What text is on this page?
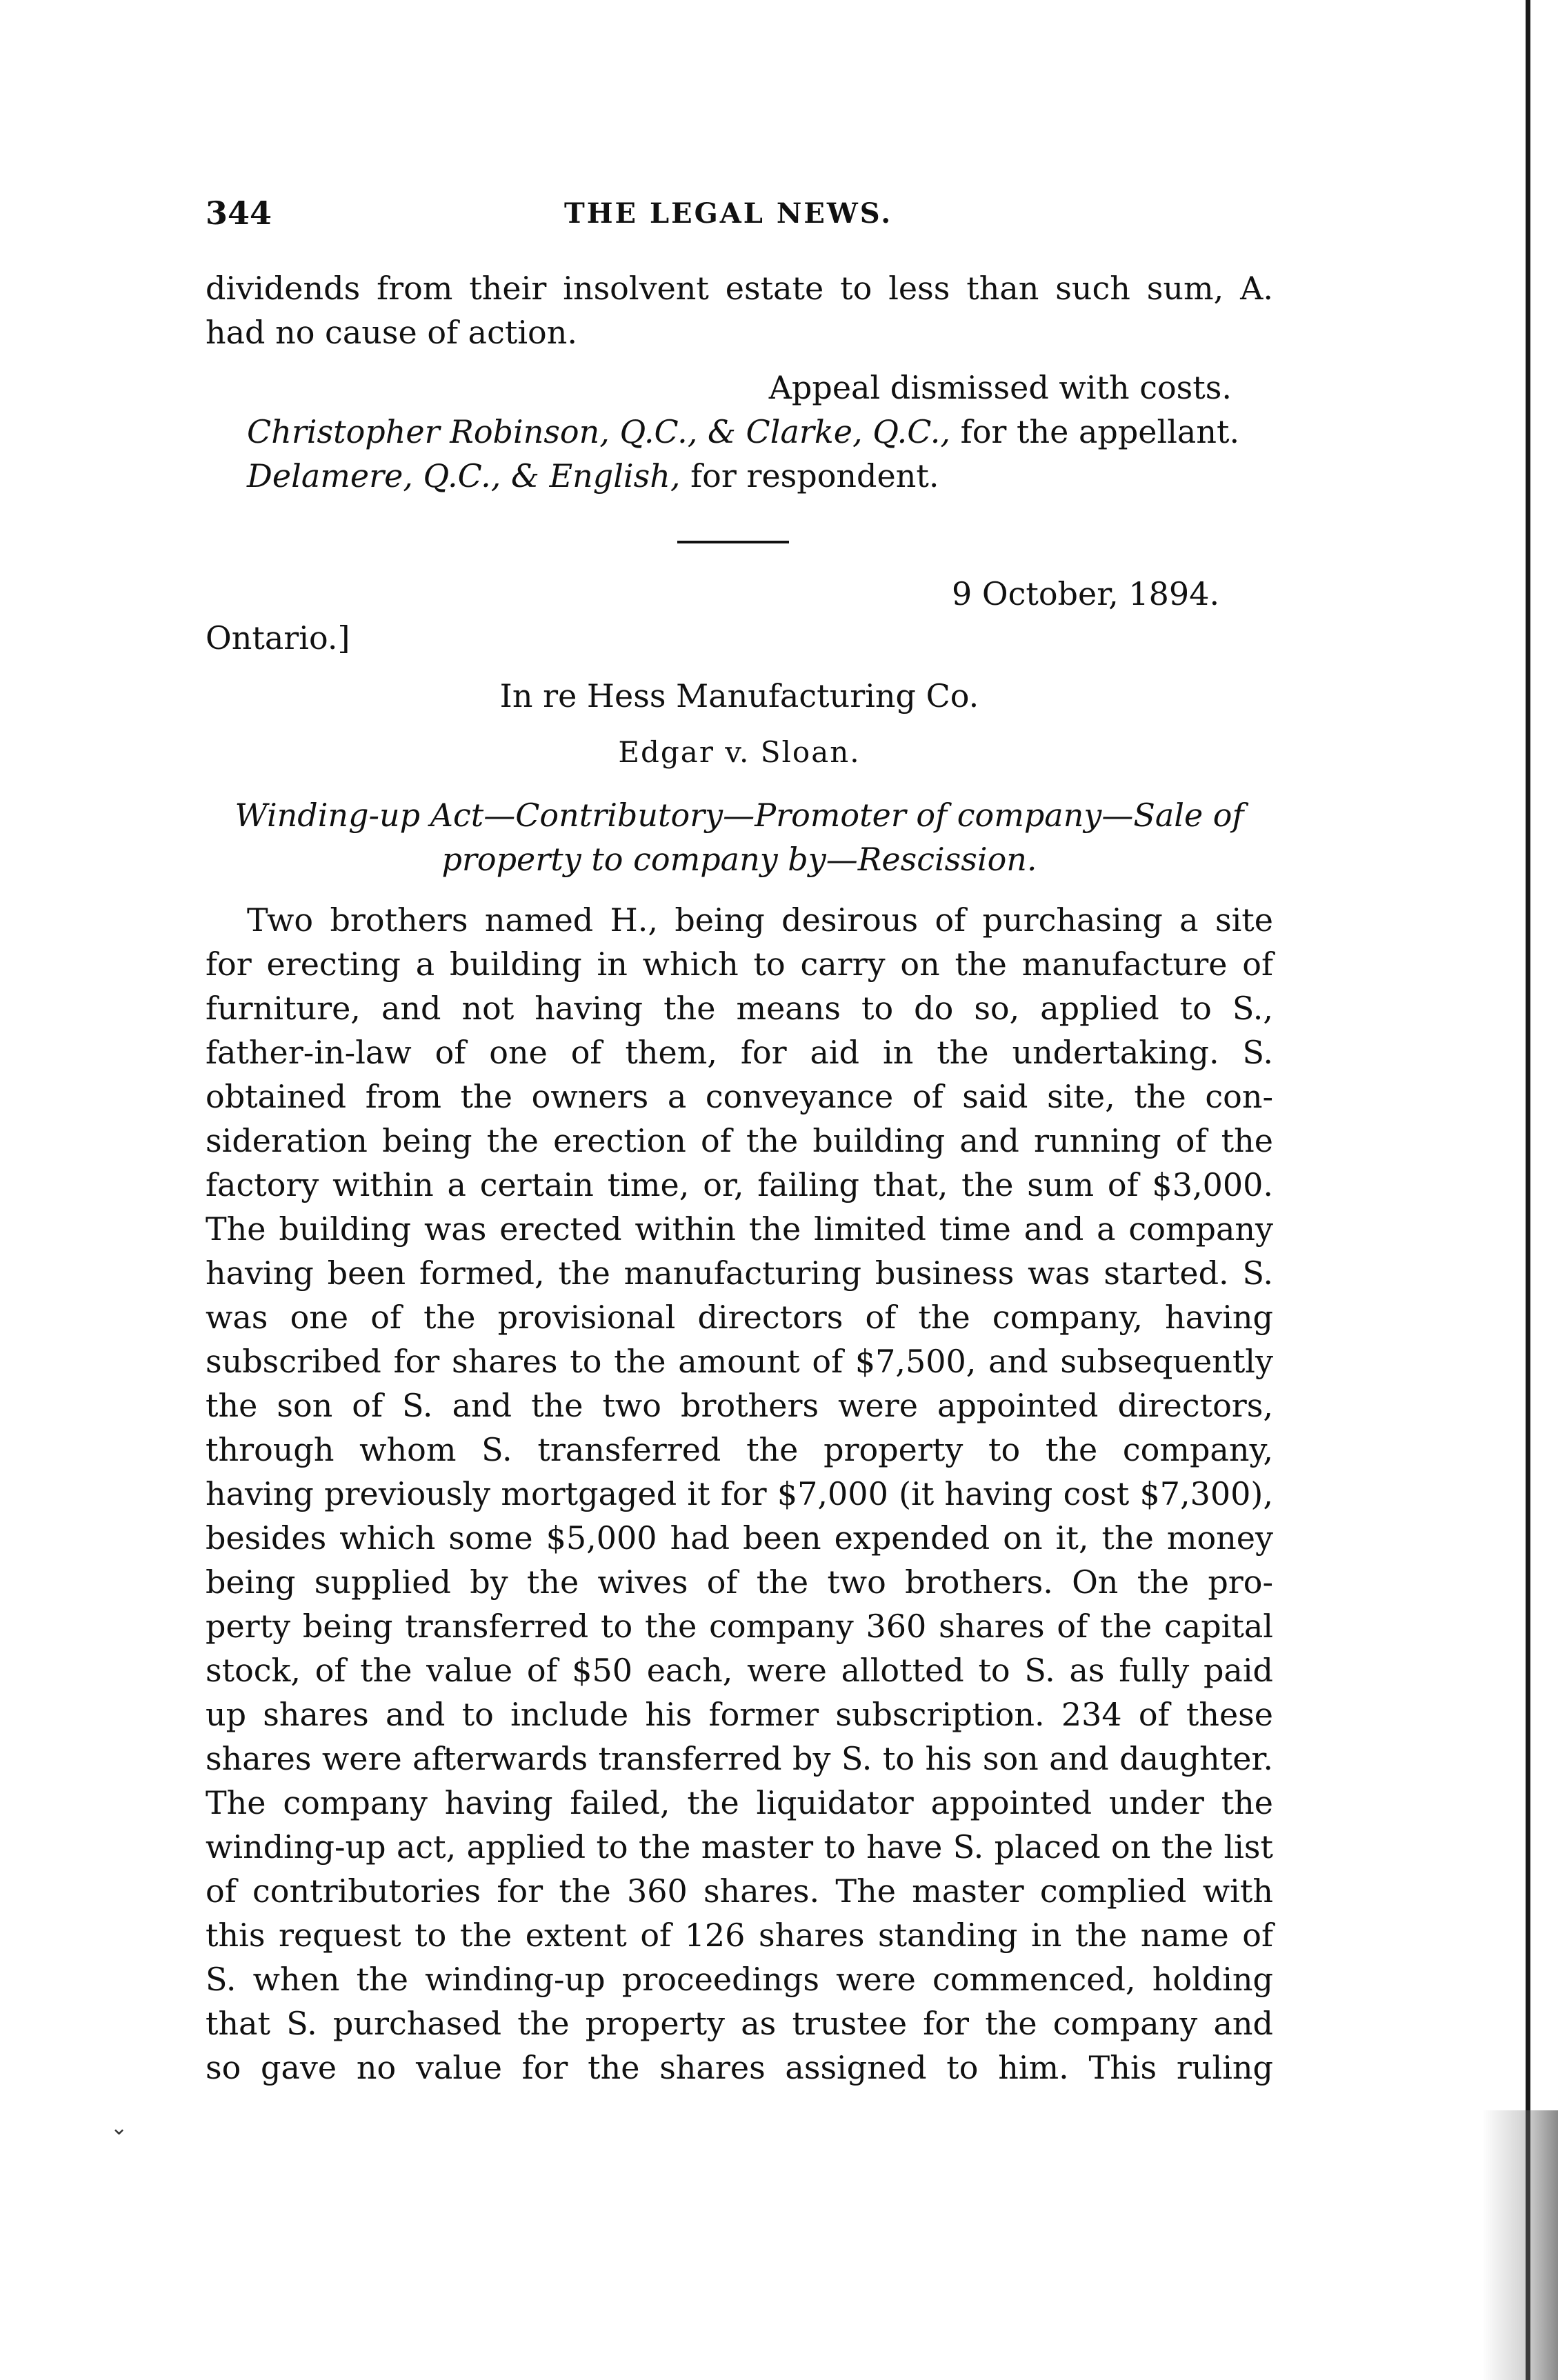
344	THE LEGAL NEWS.

dividends from their insolvent estate to less than such sum, A.

had no cause of action.

Appeal dismissed with costs.

Christopher Robinson, Q.C., & Clarke, Q.C., for the appellant.

Delamere, Q.C., & English, for respondent.

9 October, 1894.
Ontario.]
In re Hess Manufacturing Co.
Edgar v. Sloan.
Winding-up Act—Contributory—Promoter of company—Sale of
property to company by—Rescission.

Two brothers named H., being desirous of purchasing a site

for erecting a building in which to carry on the manufacture of

furniture, and not having the means to do so, applied to S.,

father-in-law of one of them, for aid in the undertaking. S.

obtained from the owners a conveyance of said site, the con-

sideration being the erection of the building and running of the

factory within a certain time, or, failing that, the sum of $3,000.

The building was erected within the limited time and a company

having been formed, the manufacturing business was started. S.

was one of the provisional directors of the company, having

subscribed for shares to the amount of $7,500, and subsequently

the son of S. and the two brothers were appointed directors,

through whom S. transferred the property to the company,

having previously mortgaged it for $7,000 (it having cost $7,300),

besides which some $5,000 had been expended on it, the money

being supplied by the wives of the two brothers. On the pro-

perty being transferred to the company 360 shares of the capital

stock, of the value of $50 each, were allotted to S. as fully paid

up shares and to include his former subscription. 234 of these

shares were afterwards transferred by S. to his son and daughter.

The company having failed, the liquidator appointed under the

winding-up act, applied to the master to have S. placed on the list

of contributories for the 360 shares. The master complied with

this request to the extent of 126 shares standing in the name of

S. when the winding-up proceedings were commenced, holding

that S. purchased the property as trustee for the company and

so gave no value for the shares assigned to him. This ruling

⌄
